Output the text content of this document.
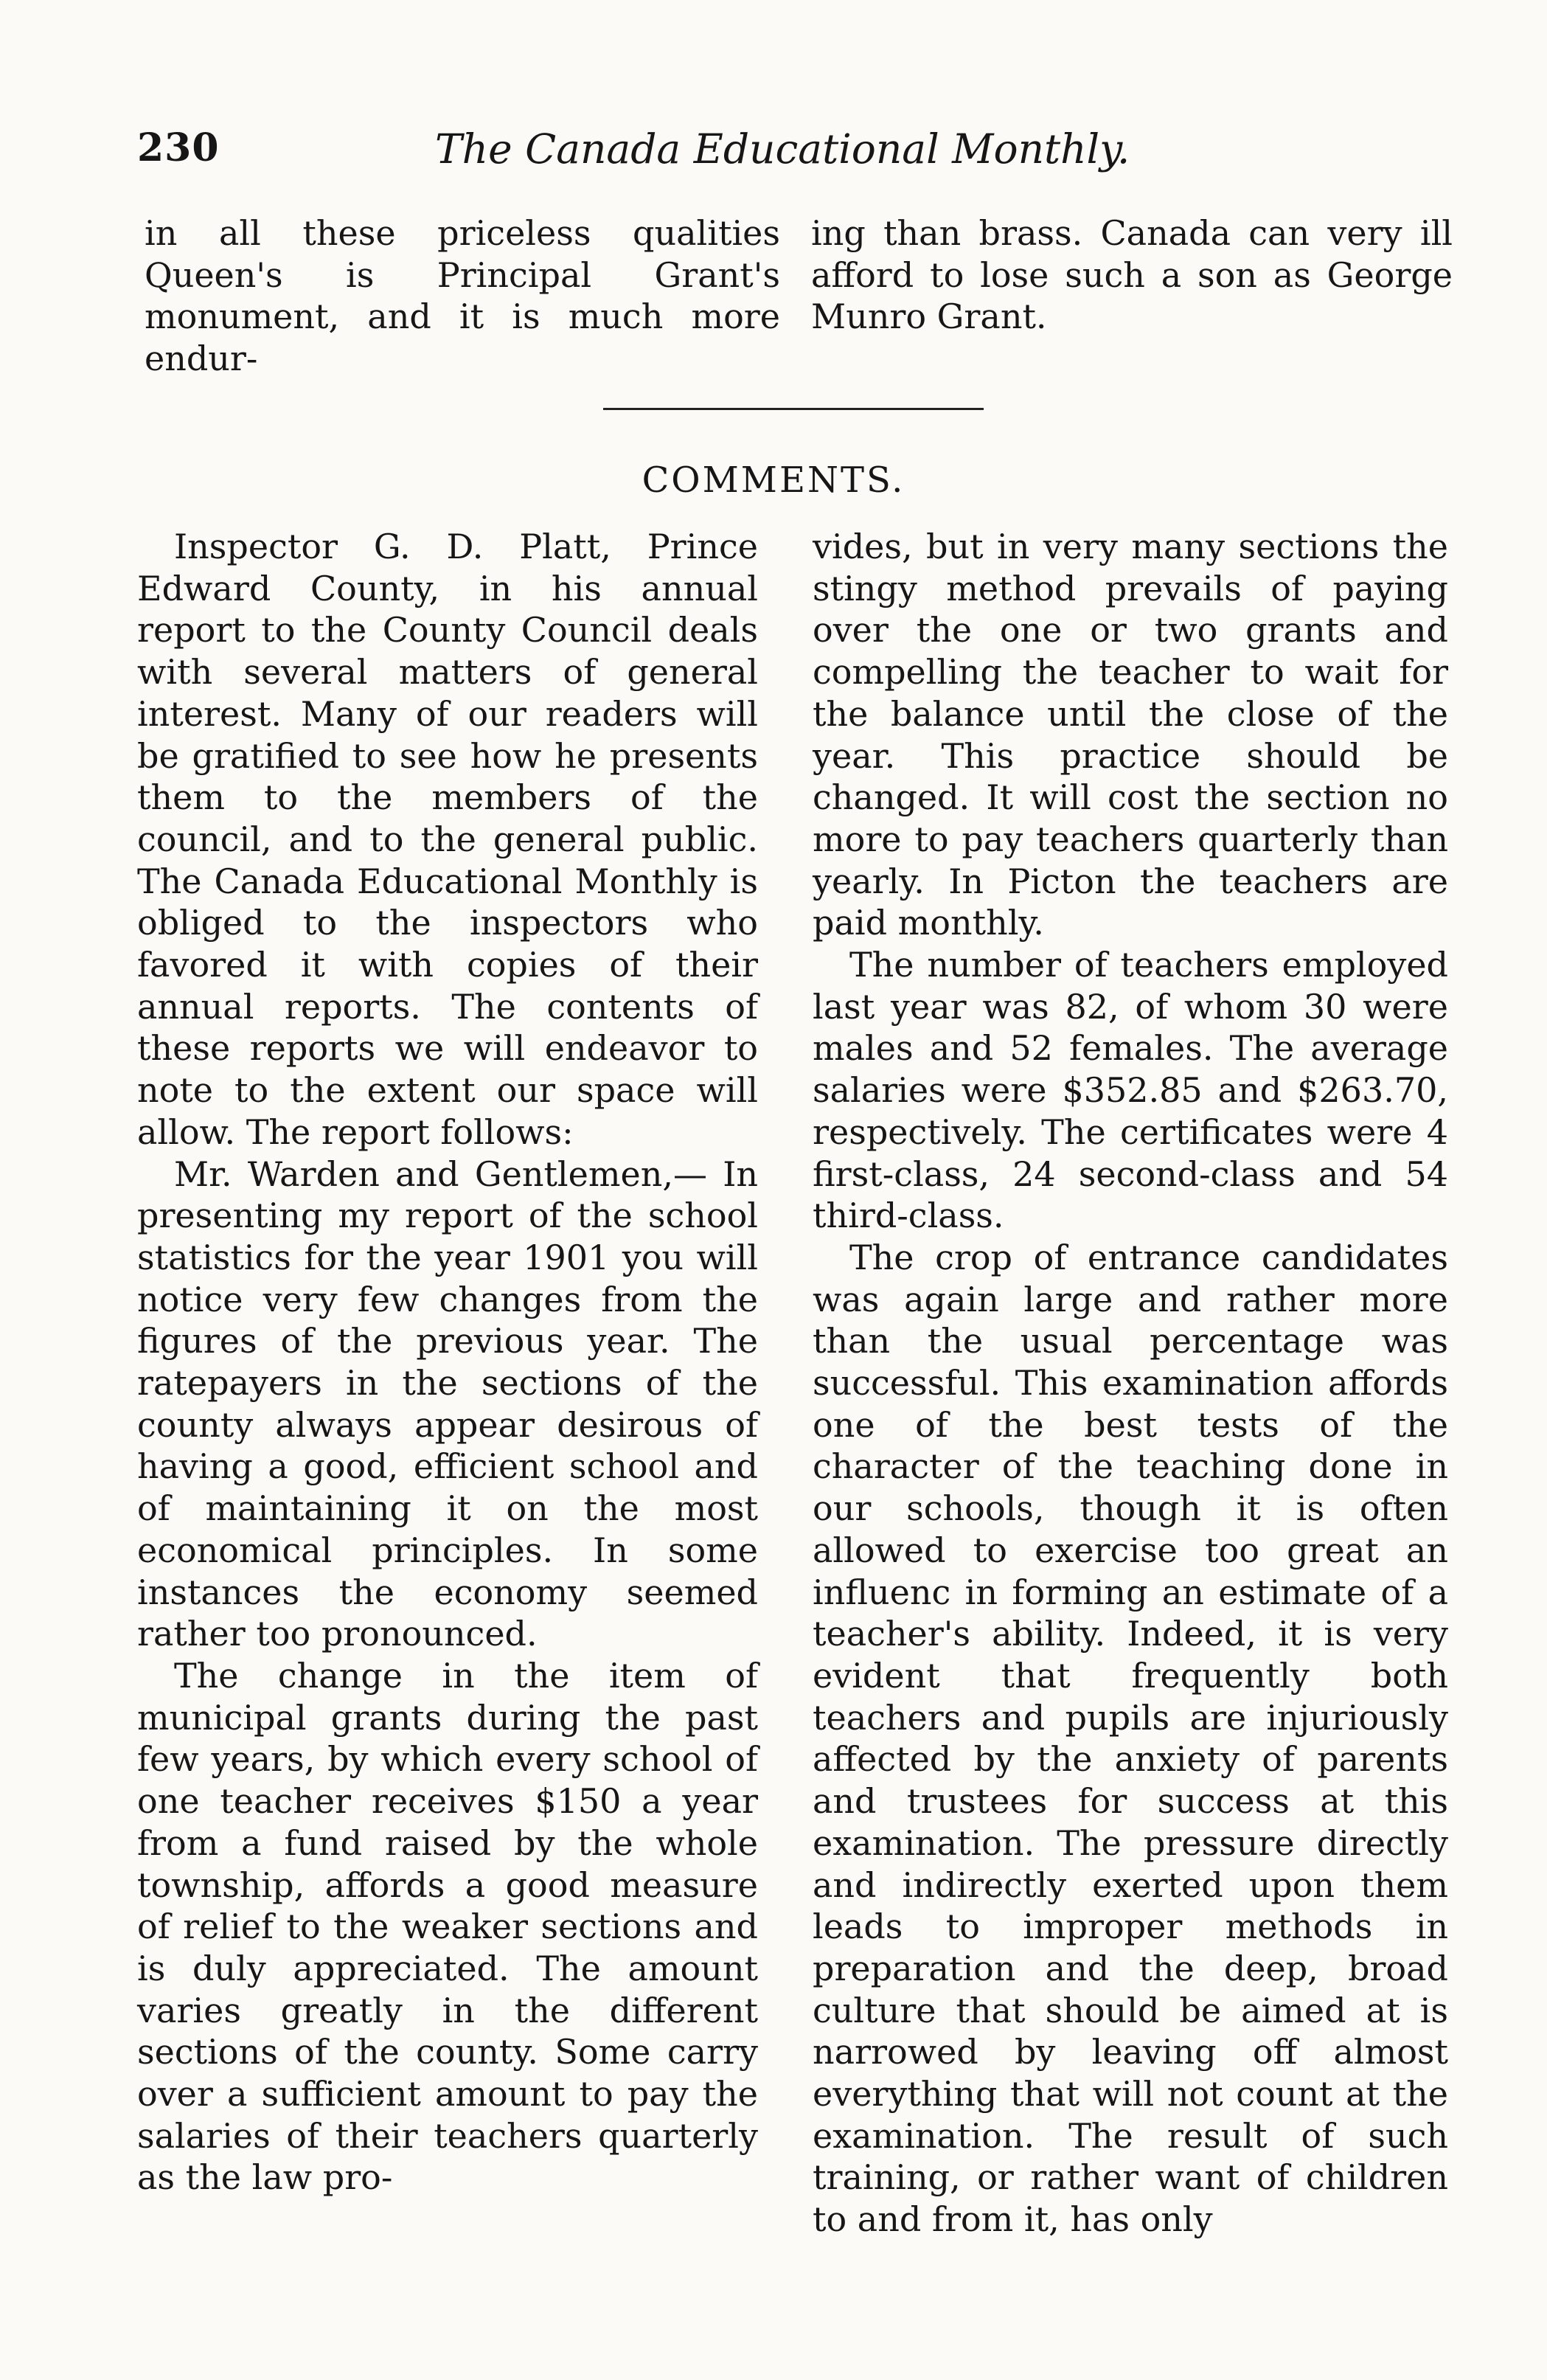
230	The Canada Educational Monthly.

in all these priceless qualities Queen's is Principal Grant's monument, and it is much more endur-

ing than brass. Canada can very ill afford to lose such a son as George Munro Grant.

COMMENTS.

Inspector G. D. Platt, Prince Edward County, in his annual report to the County Council deals with several matters of general interest. Many of our readers will be gratified to see how he presents them to the members of the council, and to the general public. The Canada Educational Monthly is obliged to the inspectors who favored it with copies of their annual reports. The contents of these reports we will endeavor to note to the extent our space will allow. The report follows:

Mr. Warden and Gentlemen,— In presenting my report of the school statistics for the year 1901 you will notice very few changes from the figures of the previous year. The ratepayers in the sections of the county always appear desirous of having a good, efficient school and of maintaining it on the most economical principles. In some instances the economy seemed rather too pronounced.

The change in the item of municipal grants during the past few years, by which every school of one teacher receives $150 a year from a fund raised by the whole township, affords a good measure of relief to the weaker sections and is duly appreciated. The amount varies greatly in the different sections of the county. Some carry over a sufficient amount to pay the salaries of their teachers quarterly as the law pro-

vides, but in very many sections the stingy method prevails of paying over the one or two grants and compelling the teacher to wait for the balance until the close of the year. This practice should be changed. It will cost the section no more to pay teachers quarterly than yearly. In Picton the teachers are paid monthly.

The number of teachers employed last year was 82, of whom 30 were males and 52 females. The average salaries were $352.85 and $263.70, respectively. The certificates were 4 first-class, 24 second-class and 54 third-class.

The crop of entrance candidates was again large and rather more than the usual percentage was successful. This examination affords one of the best tests of the character of the teaching done in our schools, though it is often allowed to exercise too great an influenc in forming an estimate of a teacher's ability. Indeed, it is very evident that frequently both teachers and pupils are injuriously affected by the anxiety of parents and trustees for success at this examination. The pressure directly and indirectly exerted upon them leads to improper methods in preparation and the deep, broad culture that should be aimed at is narrowed by leaving off almost everything that will not count at the examination. The result of such training, or rather want of children to and from it, has only
